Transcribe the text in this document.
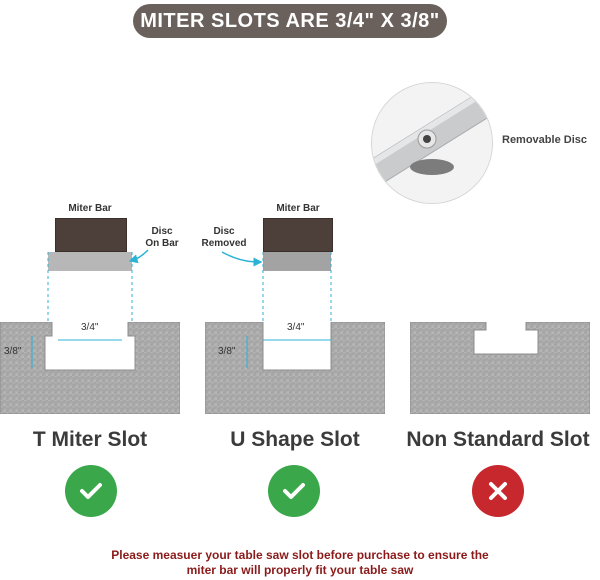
MITER SLOTS ARE 3/4" X 3/8"
Removable Disc
Miter Bar
Disc
On Bar
Miter Bar
Disc
Removed
3/4"
3/8"
3/4"
3/8"
T Miter Slot	U Shape Slot	Non Standard Slot
Please measuer your table saw slot before purchase to ensure the
miter bar will properly fit your table saw
